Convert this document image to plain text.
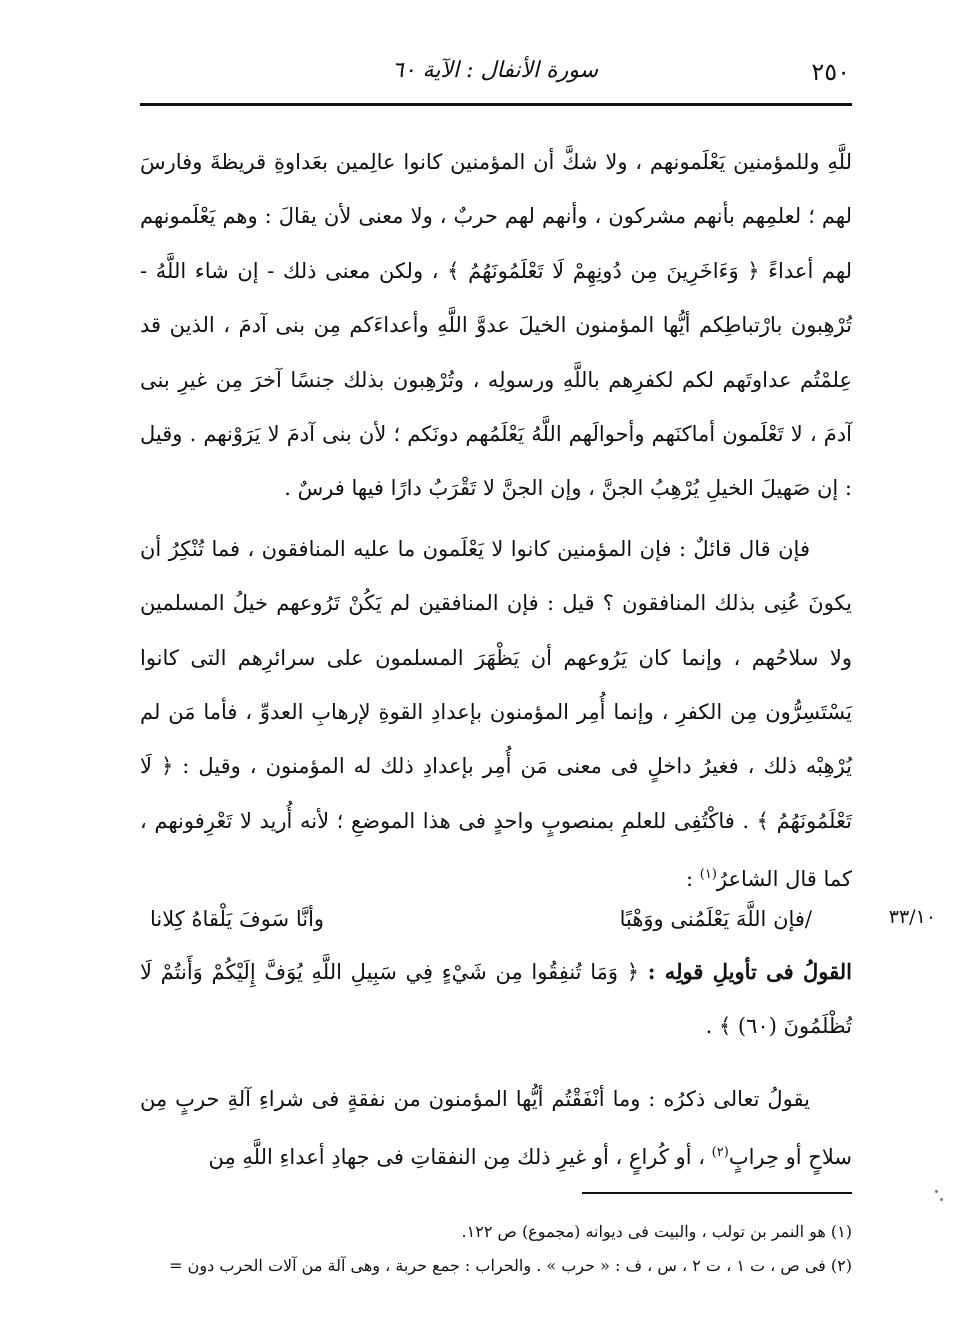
٢٥٠
سورة الأنفال : الآية ٦٠

للَّهِ وللمؤمنين يَعْلَمونهم ، ولا شكَّ أن المؤمنين كانوا عالِمين بعَداوةِ قريظةَ وفارسَ لهم ؛ لعلمِهم بأنهم مشركون ، وأنهم لهم حربٌ ، ولا معنى لأن يقالَ : وهم يَعْلَمونهم لهم أعداءً ﴿ وَءَاخَرِينَ مِن دُونِهِمْ لَا تَعْلَمُونَهُمُ ﴾ ، ولكن معنى ذلك - إن شاء اللَّهُ - تُرْهِبون بارْتباطِكم أيُّها المؤمنون الخيلَ عدوَّ اللَّهِ وأعداءَكم مِن بنى آدمَ ، الذين قد عِلمْتُم عداوتَهم لكم لكفرِهم باللَّهِ ورسولِه ، وتُرْهِبون بذلك جنسًا آخرَ مِن غيرِ بنى آدمَ ، لا تَعْلَمون أماكنَهم وأحوالَهم اللَّهُ يَعْلَمُهم دونَكم ؛ لأن بنى آدمَ لا يَرَوْنهم . وقيل : إن صَهيلَ الخيلِ يُرْهِبُ الجنَّ ، وإن الجنَّ لا تَقْرَبُ دارًا فيها فرسٌ .

فإن قال قائلٌ : فإن المؤمنين كانوا لا يَعْلَمون ما عليه المنافقون ، فما تُنْكِرُ أن يكونَ عُنِى بذلك المنافقون ؟ قيل : فإن المنافقين لم يَكُنْ تَرُوعهم خيلُ المسلمين ولا سلاحُهم ، وإنما كان يَرُوعهم أن يَظْهَرَ المسلمون على سرائرِهم التى كانوا يَسْتَسِرُّون مِن الكفرِ ، وإنما أُمِر المؤمنون بإعدادِ القوةِ لإرهابِ العدوِّ ، فأما مَن لم يُرْهِبْه ذلك ، فغيرُ داخلٍ فى معنى مَن أُمِر بإعدادِ ذلك له المؤمنون ، وقيل : ﴿ لَا تَعْلَمُونَهُمُ ﴾ . فاكْتُفِى للعلمِ بمنصوبٍ واحدٍ فى هذا الموضعِ ؛ لأنه أُريد لا تَعْرِفونهم ، كما قال الشاعرُ$^{(١)}$ :

/فإن اللَّهَ يَعْلَمُنى ووَهْبًا
وأنَّا سَوفَ يَلْقاهُ كِلانا	٣٣/١٠

القولُ فى تأويلِ قولِه : ﴿ وَمَا تُنفِقُوا مِن شَيْءٍ فِي سَبِيلِ اللَّهِ يُوَفَّ إِلَيْكُمْ وَأَنتُمْ لَا تُظْلَمُونَ (٦٠) ﴾ .

يقولُ تعالى ذكرُه : وما أنْفَقْتُم أيُّها المؤمنون من نفقةٍ فى شراءِ آلةِ حربٍ مِن سلاحٍ أو حِرابٍ$^{(٢)}$ ، أو كُراعٍ ، أو غيرِ ذلك مِن النفقاتِ فى جهادِ أعداءِ اللَّهِ مِن

(١) هو النمر بن تولب ، والبيت فى ديوانه (مجموع) ص ١٢٢.

(٢) فى ص ، ت ١ ، ت ٢ ، س ، ف : « حرب » . والحراب : جمع حربة ، وهى آلة من آلات الحرب دون =
